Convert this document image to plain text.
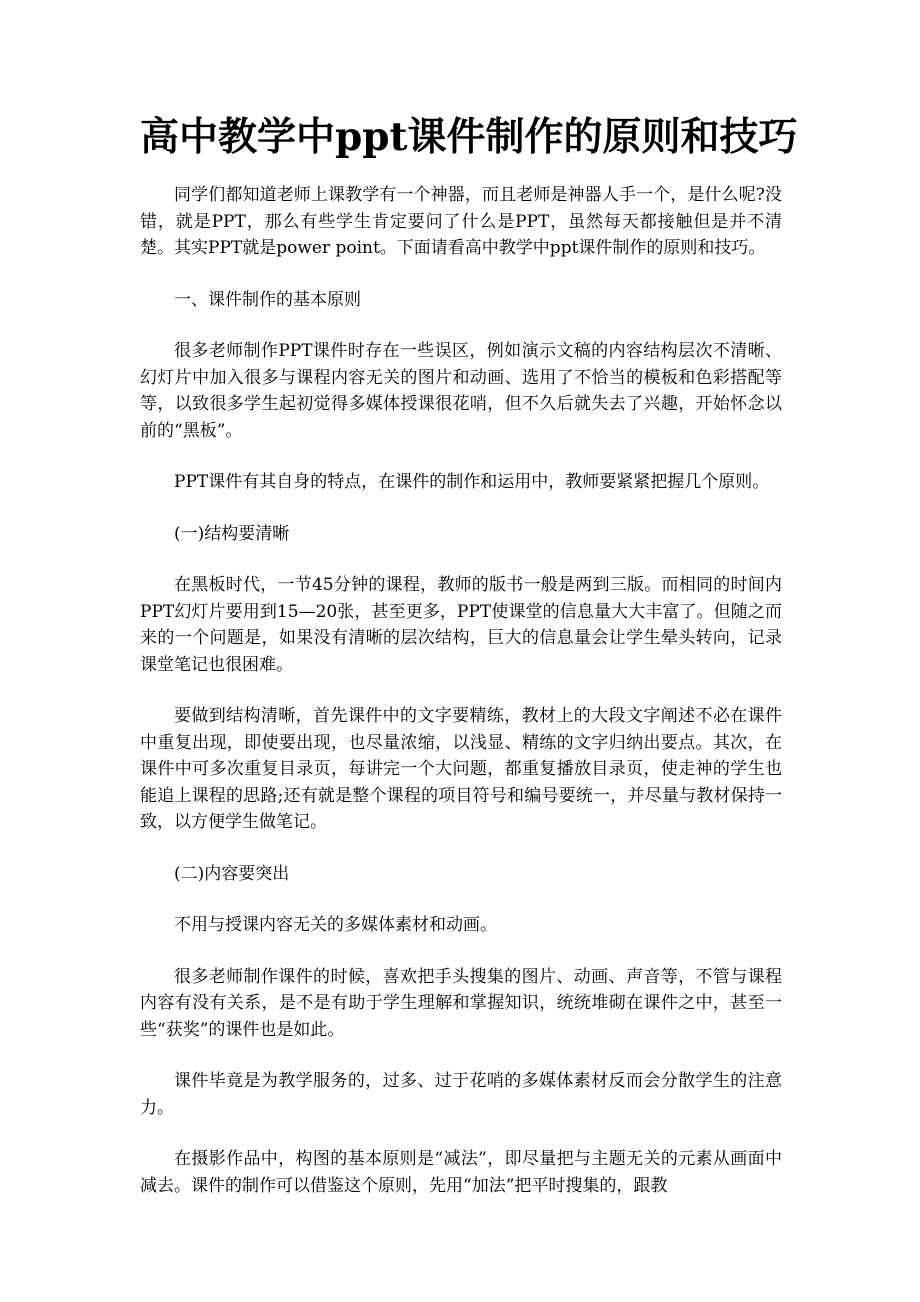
高中教学中ppt课件制作的原则和技巧

同学们都知道老师上课教学有一个神器，而且老师是神器人手一个，是什么呢?没错，就是PPT，那么有些学生肯定要问了什么是PPT，虽然每天都接触但是并不清楚。其实PPT就是power point。下面请看高中教学中ppt课件制作的原则和技巧。

一、课件制作的基本原则

很多老师制作PPT课件时存在一些误区，例如演示文稿的内容结构层次不清晰、幻灯片中加入很多与课程内容无关的图片和动画、选用了不恰当的模板和色彩搭配等等，以致很多学生起初觉得多媒体授课很花哨，但不久后就失去了兴趣，开始怀念以前的“黑板”。

PPT课件有其自身的特点，在课件的制作和运用中，教师要紧紧把握几个原则。

(一)结构要清晰

在黑板时代，一节45分钟的课程，教师的版书一般是两到三版。而相同的时间内PPT幻灯片要用到15—20张，甚至更多，PPT使课堂的信息量大大丰富了。但随之而来的一个问题是，如果没有清晰的层次结构，巨大的信息量会让学生晕头转向，记录课堂笔记也很困难。

要做到结构清晰，首先课件中的文字要精练，教材上的大段文字阐述不必在课件中重复出现，即使要出现，也尽量浓缩，以浅显、精练的文字归纳出要点。其次，在课件中可多次重复目录页，每讲完一个大问题，都重复播放目录页，使走神的学生也能追上课程的思路;还有就是整个课程的项目符号和编号要统一，并尽量与教材保持一致，以方便学生做笔记。

(二)内容要突出

不用与授课内容无关的多媒体素材和动画。

很多老师制作课件的时候，喜欢把手头搜集的图片、动画、声音等，不管与课程内容有没有关系，是不是有助于学生理解和掌握知识，统统堆砌在课件之中，甚至一些“获奖”的课件也是如此。

课件毕竟是为教学服务的，过多、过于花哨的多媒体素材反而会分散学生的注意力。

在摄影作品中，构图的基本原则是“减法”，即尽量把与主题无关的元素从画面中减去。课件的制作可以借鉴这个原则，先用“加法”把平时搜集的，跟教
